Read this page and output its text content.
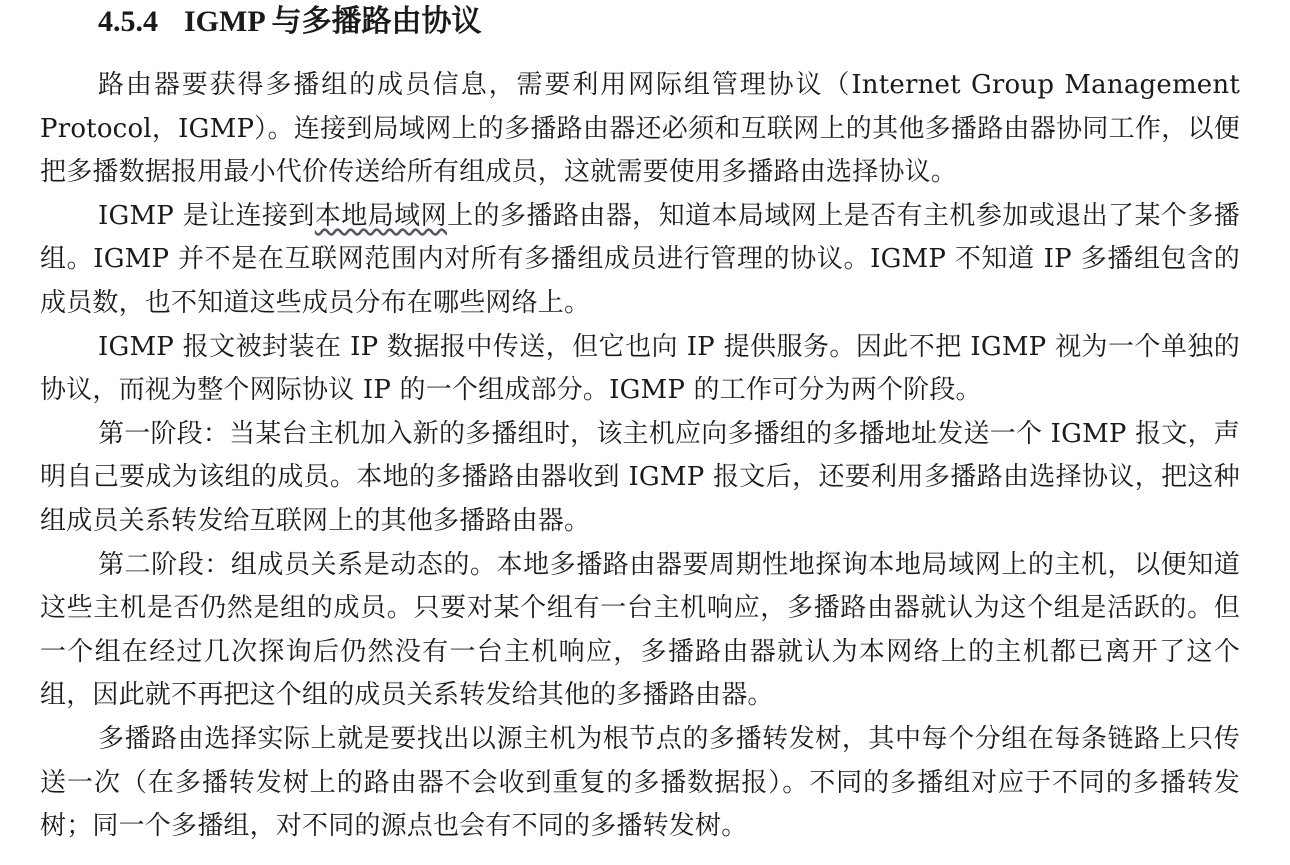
4.5.4 IGMP 与多播路由协议

路由器要获得多播组的成员信息，需要利用网际组管理协议（Internet Group Management Protocol，IGMP）。连接到局域网上的多播路由器还必须和互联网上的其他多播路由器协同工作，以便把多播数据报用最小代价传送给所有组成员，这就需要使用多播路由选择协议。

IGMP 是让连接到本地局域网上的多播路由器，知道本局域网上是否有主机参加或退出了某个多播组。IGMP 并不是在互联网范围内对所有多播组成员进行管理的协议。IGMP 不知道 IP 多播组包含的成员数，也不知道这些成员分布在哪些网络上。

IGMP 报文被封装在 IP 数据报中传送，但它也向 IP 提供服务。因此不把 IGMP 视为一个单独的协议，而视为整个网际协议 IP 的一个组成部分。IGMP 的工作可分为两个阶段。

第一阶段：当某台主机加入新的多播组时，该主机应向多播组的多播地址发送一个 IGMP 报文，声明自己要成为该组的成员。本地的多播路由器收到 IGMP 报文后，还要利用多播路由选择协议，把这种组成员关系转发给互联网上的其他多播路由器。

第二阶段：组成员关系是动态的。本地多播路由器要周期性地探询本地局域网上的主机，以便知道这些主机是否仍然是组的成员。只要对某个组有一台主机响应，多播路由器就认为这个组是活跃的。但一个组在经过几次探询后仍然没有一台主机响应，多播路由器就认为本网络上的主机都已离开了这个组，因此就不再把这个组的成员关系转发给其他的多播路由器。

多播路由选择实际上就是要找出以源主机为根节点的多播转发树，其中每个分组在每条链路上只传送一次（在多播转发树上的路由器不会收到重复的多播数据报）。不同的多播组对应于不同的多播转发树；同一个多播组，对不同的源点也会有不同的多播转发树。
